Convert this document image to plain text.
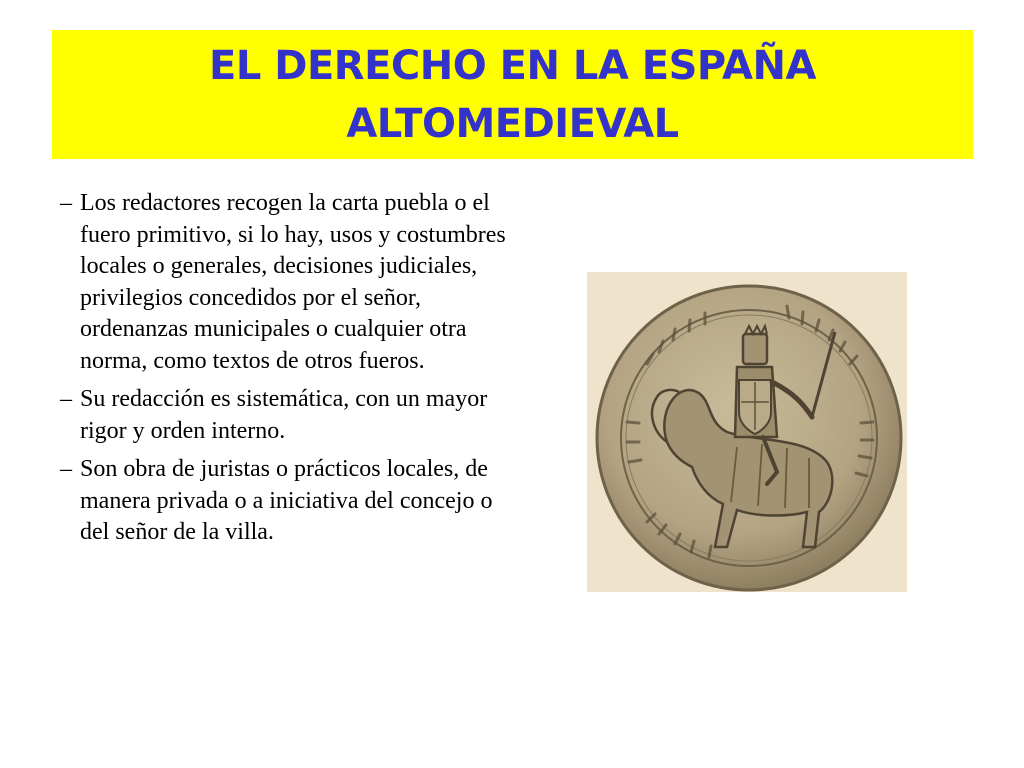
EL DERECHO EN LA ESPAÑA
ALTOMEDIEVAL
– Los redactores recogen la carta puebla o el fuero primitivo, si lo hay, usos y costumbres locales o generales, decisiones judiciales, privilegios concedidos por el señor, ordenanzas municipales o cualquier otra norma, como textos de otros fueros.
– Su redacción es sistemática, con un mayor rigor y orden interno.
– Son obra de juristas o prácticos locales, de manera privada o a iniciativa del concejo o del señor de la villa.
